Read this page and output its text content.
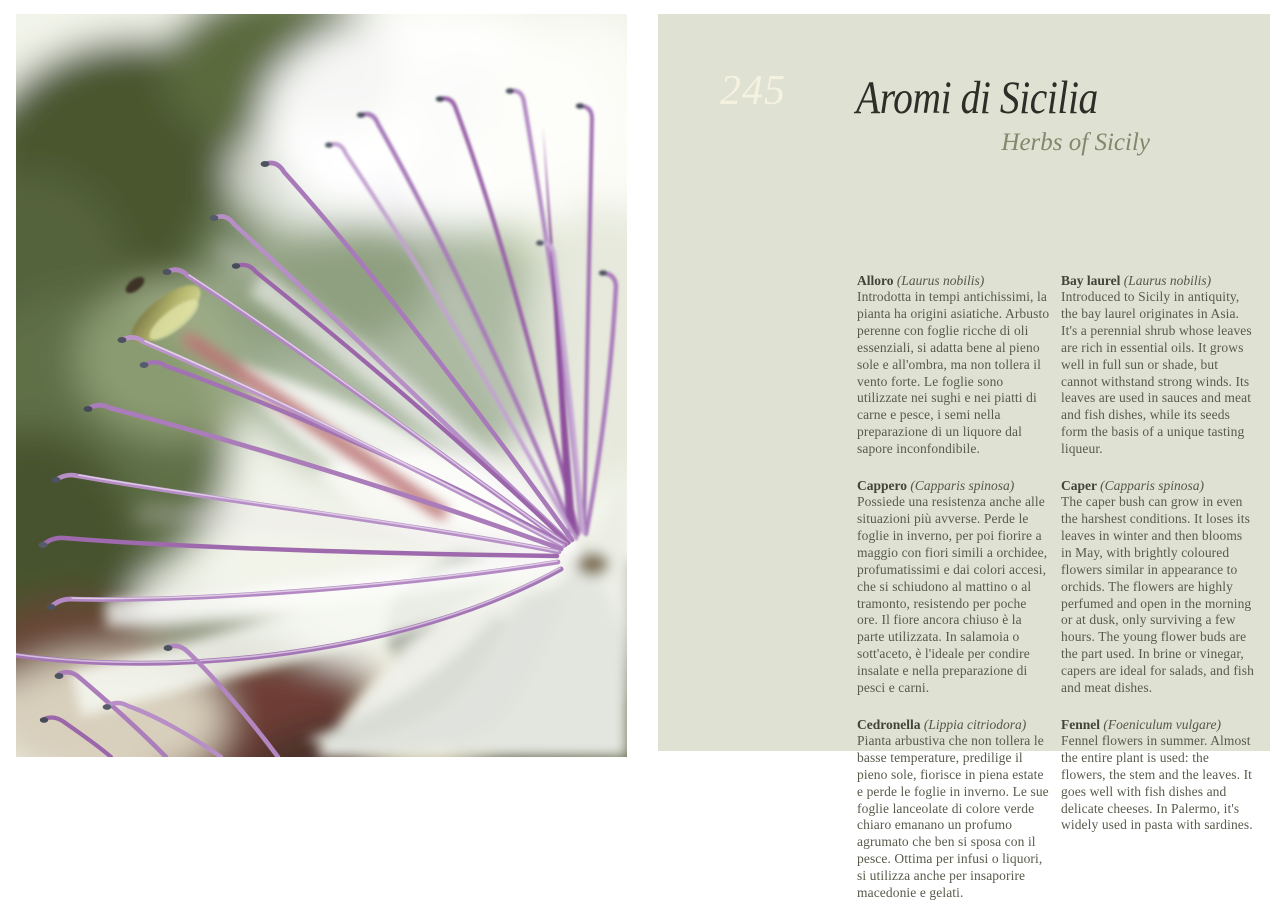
245 Aromi di Sicilia

Herbs of Sicily

Alloro (Laurus nobilis)

Introdotta in tempi antichissimi, la pianta ha origini asiatiche. Arbusto perenne con foglie ricche di oli essenziali, si adatta bene al pieno sole e all'ombra, ma non tollera il vento forte. Le foglie sono utilizzate nei sughi e nei piatti di carne e pesce, i semi nella preparazione di un liquore dal sapore inconfondibile.

Cappero (Capparis spinosa)

Possiede una resistenza anche alle situazioni più avverse. Perde le foglie in inverno, per poi fiorire a maggio con fiori simili a orchidee, profumatissimi e dai colori accesi, che si schiudono al mattino o al tramonto, resistendo per poche ore. Il fiore ancora chiuso è la parte utilizzata. In salamoia o sott'aceto, è l'ideale per condire insalate e nella preparazione di pesci e carni.

Cedronella (Lippia citriodora)

Pianta arbustiva che non tollera le basse temperature, predilige il pieno sole, fiorisce in piena estate e perde le foglie in inverno. Le sue foglie lanceolate di colore verde chiaro emanano un profumo agrumato che ben si sposa con il pesce. Ottima per infusi o liquori, si utilizza anche per insaporire macedonie e gelati.

Bay laurel (Laurus nobilis)

Introduced to Sicily in antiquity, the bay laurel originates in Asia. It's a perennial shrub whose leaves are rich in essential oils. It grows well in full sun or shade, but cannot withstand strong winds. Its leaves are used in sauces and meat and fish dishes, while its seeds form the basis of a unique tasting liqueur.

Caper (Capparis spinosa)

The caper bush can grow in even the harshest conditions. It loses its leaves in winter and then blooms in May, with brightly coloured flowers similar in appearance to orchids. The flowers are highly perfumed and open in the morning or at dusk, only surviving a few hours. The young flower buds are the part used. In brine or vinegar, capers are ideal for salads, and fish and meat dishes.

Fennel (Foeniculum vulgare)

Fennel flowers in summer. Almost the entire plant is used: the flowers, the stem and the leaves. It goes well with fish dishes and delicate cheeses. In Palermo, it's widely used in pasta with sardines.
